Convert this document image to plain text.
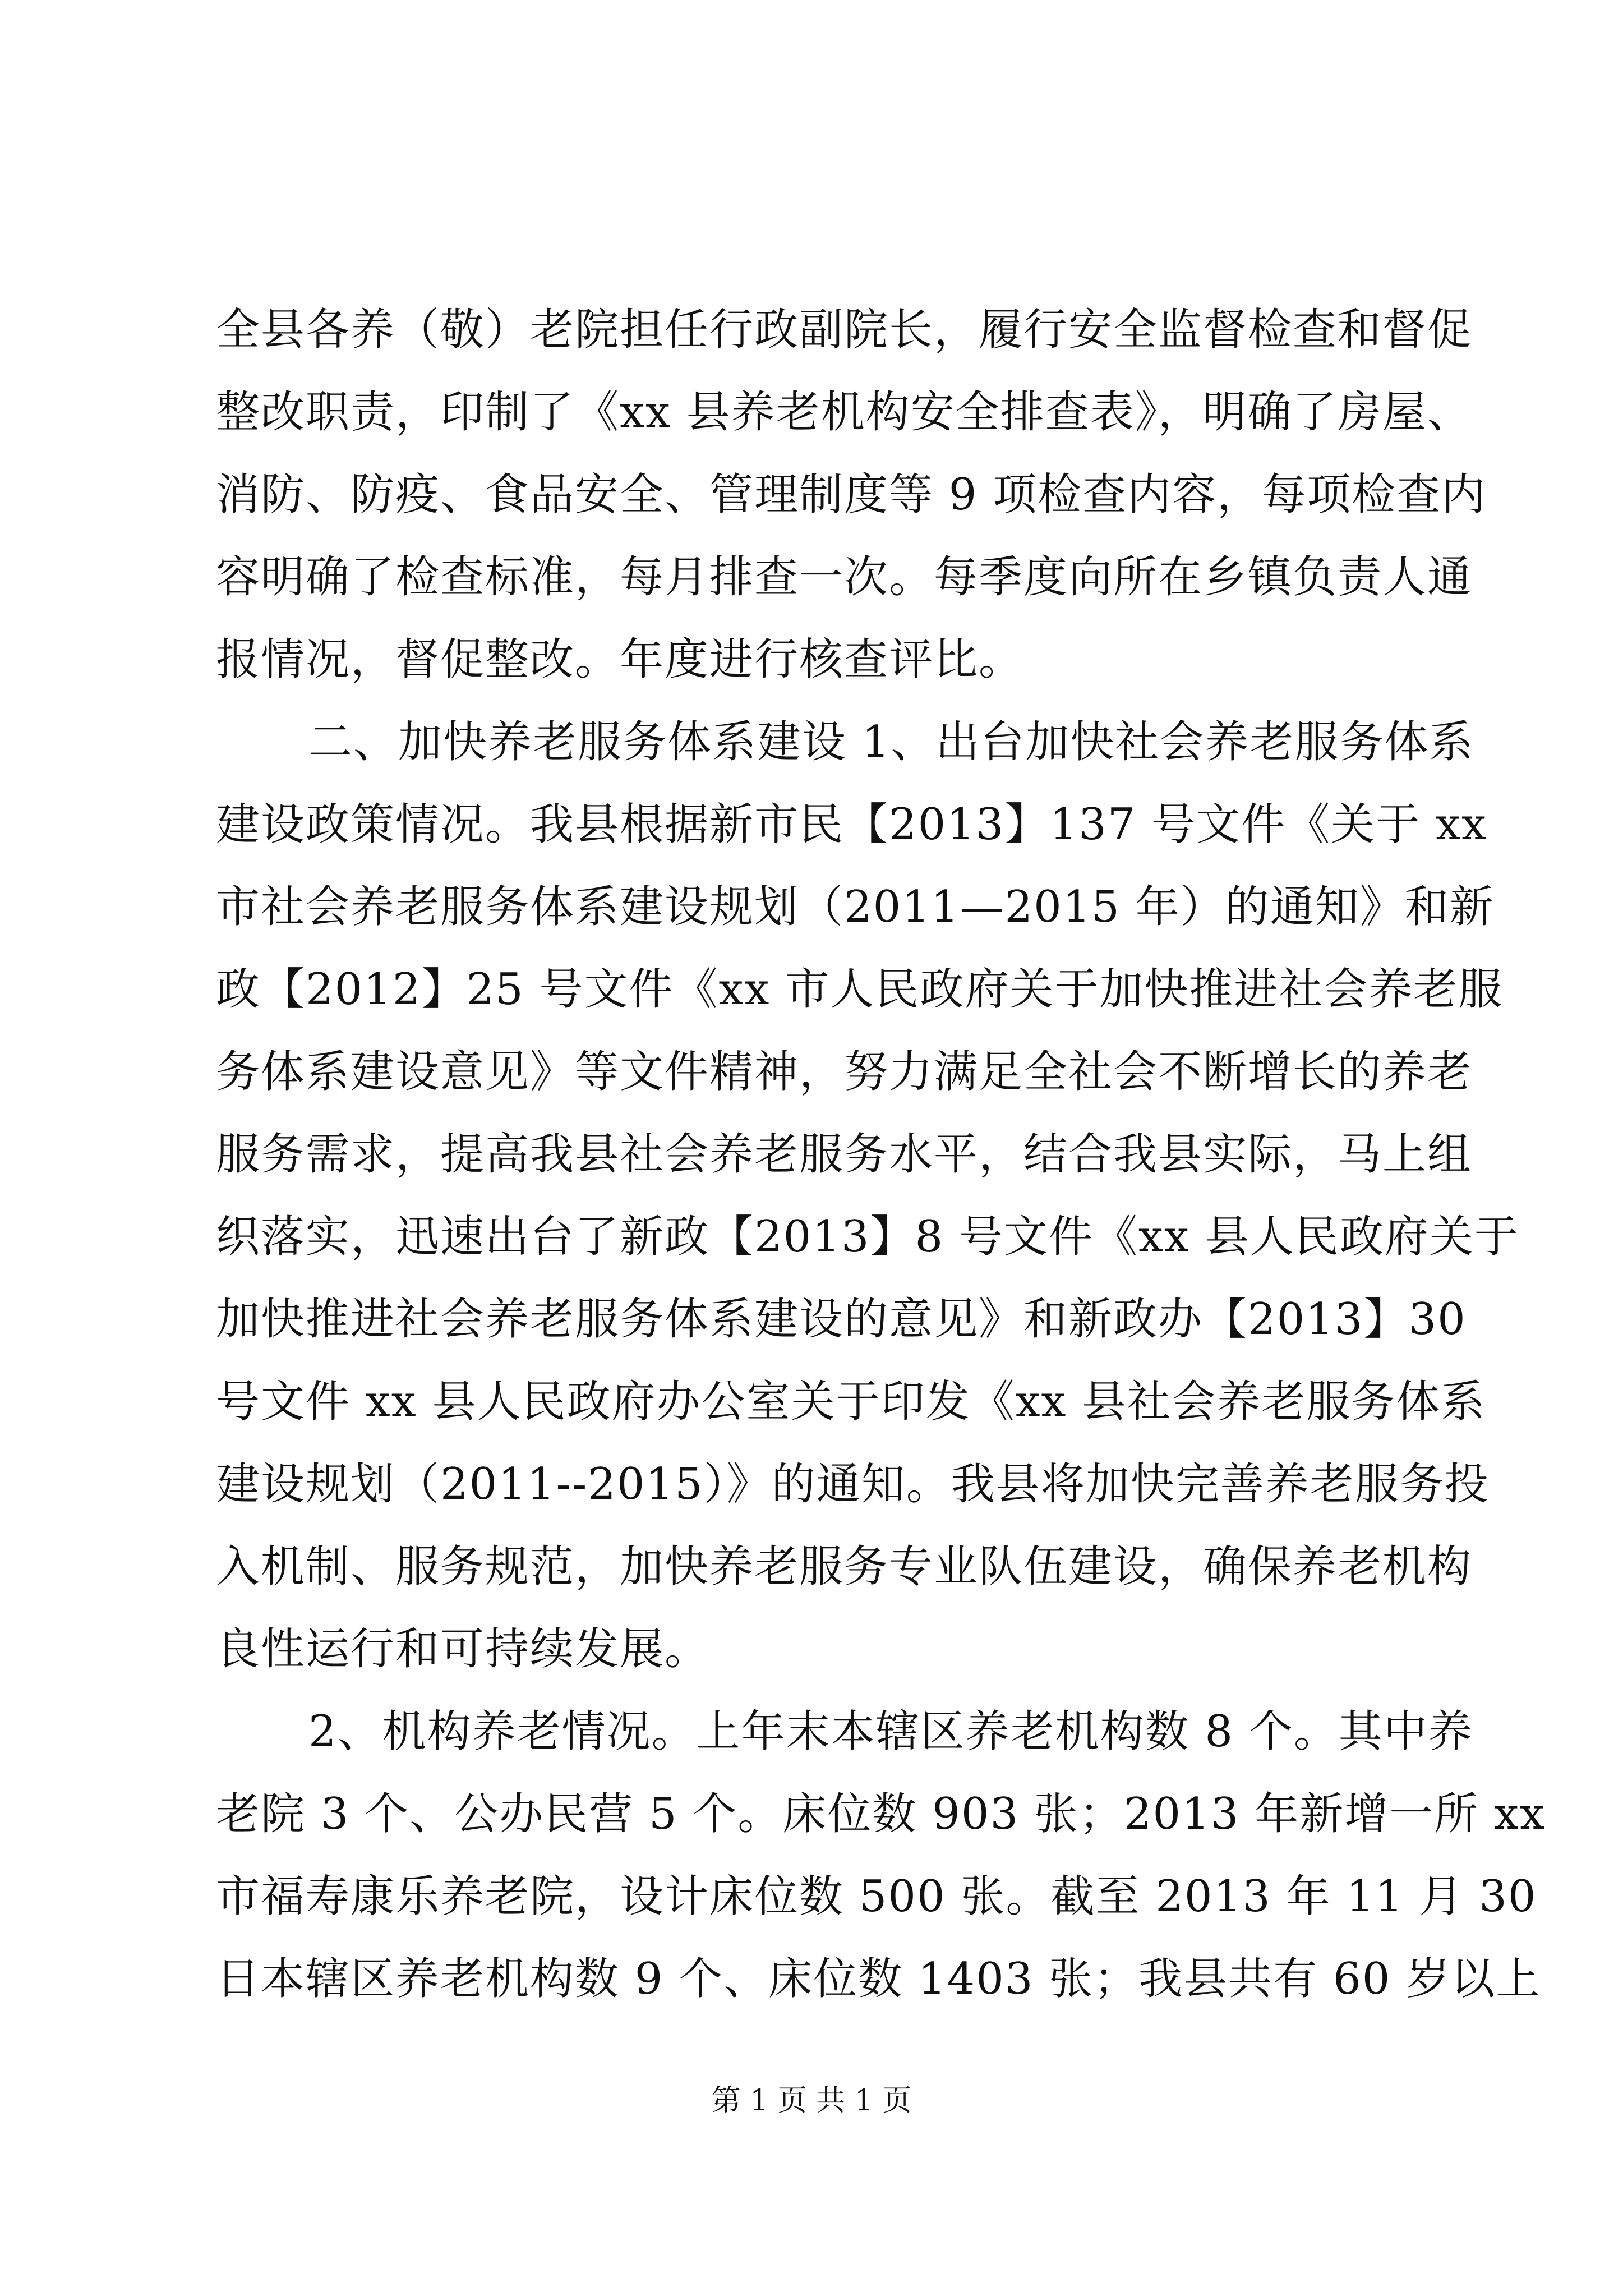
全县各养（敬）老院担任行政副院长，履行安全监督检查和督促
整改职责，印制了《xx 县养老机构安全排查表》，明确了房屋、
消防、防疫、食品安全、管理制度等 9 项检查内容，每项检查内
容明确了检查标准，每月排查一次。每季度向所在乡镇负责人通
报情况，督促整改。年度进行核查评比。
二、加快养老服务体系建设 1、出台加快社会养老服务体系
建设政策情况。我县根据新市民【2013】137 号文件《关于 xx
市社会养老服务体系建设规划（2011—2015 年）的通知》和新
政【2012】25 号文件《xx 市人民政府关于加快推进社会养老服
务体系建设意见》等文件精神，努力满足全社会不断增长的养老
服务需求，提高我县社会养老服务水平，结合我县实际，马上组
织落实，迅速出台了新政【2013】8 号文件《xx 县人民政府关于
加快推进社会养老服务体系建设的意见》和新政办【2013】30
号文件 xx 县人民政府办公室关于印发《xx 县社会养老服务体系
建设规划（2011--2015）》的通知。我县将加快完善养老服务投
入机制、服务规范，加快养老服务专业队伍建设，确保养老机构
良性运行和可持续发展。
2、机构养老情况。上年末本辖区养老机构数 8 个。其中养
老院 3 个、公办民营 5 个。床位数 903 张；2013 年新增一所 xx
市福寿康乐养老院，设计床位数 500 张。截至 2013 年 11 月 30
日本辖区养老机构数 9 个、床位数 1403 张；我县共有 60 岁以上
第 1 页 共 1 页
